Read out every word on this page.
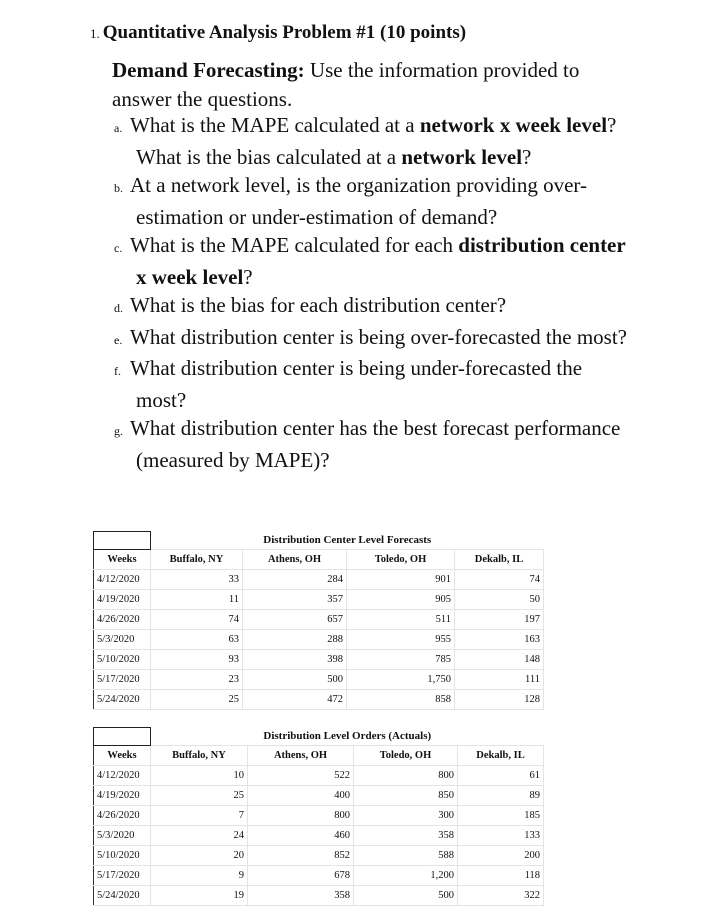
1. Quantitative Analysis Problem #1 (10 points)
Demand Forecasting: Use the information provided to answer the questions.
a. What is the MAPE calculated at a network x week level? What is the bias calculated at a network level?
b. At a network level, is the organization providing over-estimation or under-estimation of demand?
c. What is the MAPE calculated for each distribution center x week level?
d. What is the bias for each distribution center?
e. What distribution center is being over-forecasted the most?
f. What distribution center is being under-forecasted the most?
g. What distribution center has the best forecast performance (measured by MAPE)?
	Distribution Center Level Forecasts			
Weeks	Buffalo, NY	Athens, OH	Toledo, OH	Dekalb, IL
4/12/2020	33	284	901	74
4/19/2020	11	357	905	50
4/26/2020	74	657	511	197
5/3/2020	63	288	955	163
5/10/2020	93	398	785	148
5/17/2020	23	500	1,750	111
5/24/2020	25	472	858	128
	Distribution Level Orders (Actuals)			
Weeks	Buffalo, NY	Athens, OH	Toledo, OH	Dekalb, IL
4/12/2020	10	522	800	61
4/19/2020	25	400	850	89
4/26/2020	7	800	300	185
5/3/2020	24	460	358	133
5/10/2020	20	852	588	200
5/17/2020	9	678	1,200	118
5/24/2020	19	358	500	322
